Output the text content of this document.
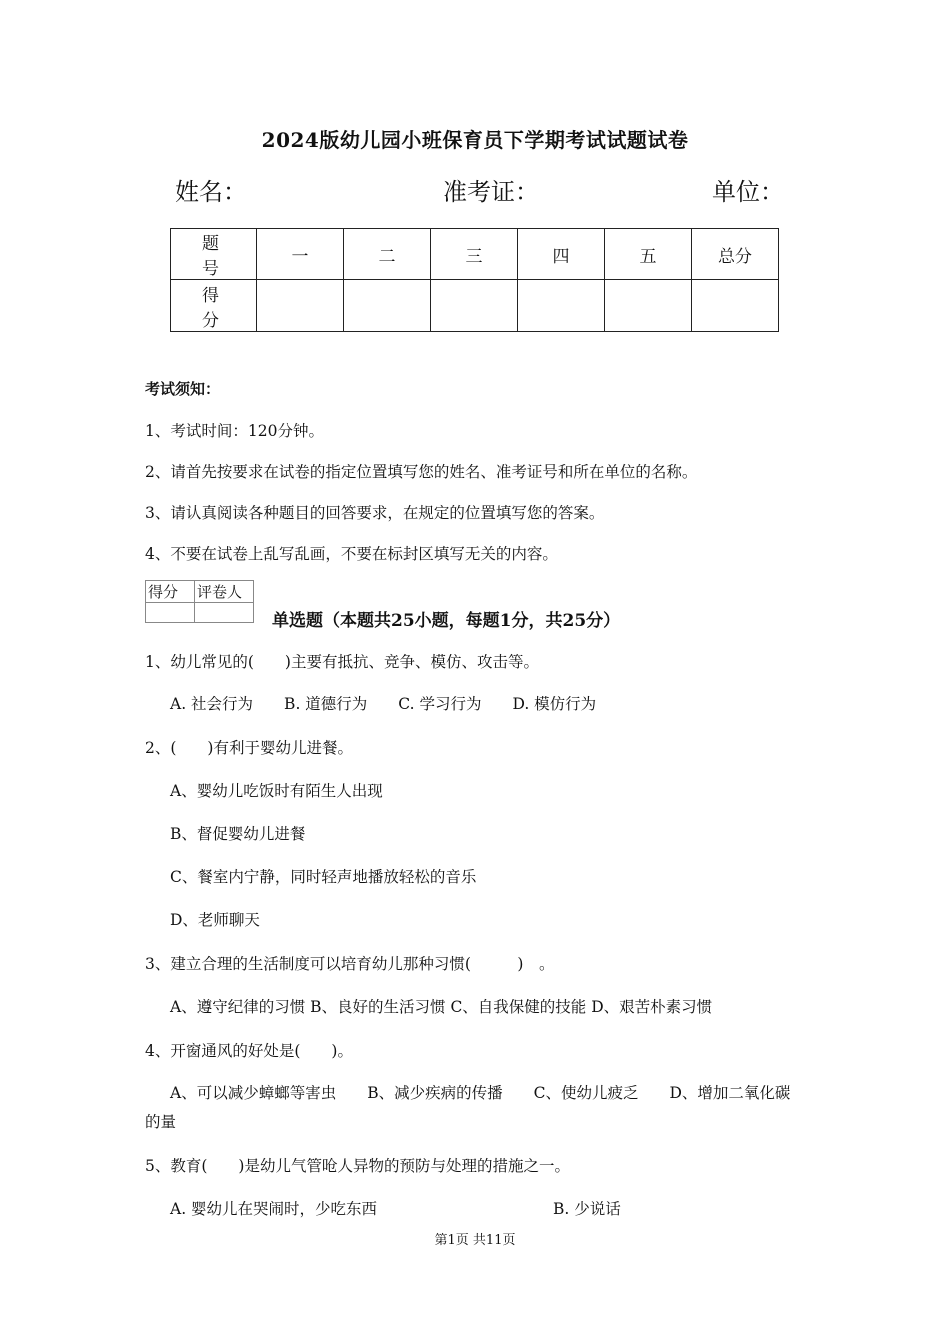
2024版幼儿园小班保育员下学期考试试题试卷
姓名：	准考证：	单位：
题　号	一	二	三	四	五	总分
得　分						
考试须知：
1、考试时间：120分钟。
2、请首先按要求在试卷的指定位置填写您的姓名、准考证号和所在单位的名称。
3、请认真阅读各种题目的回答要求，在规定的位置填写您的答案。
4、不要在试卷上乱写乱画，不要在标封区填写无关的内容。
得分	评卷人

单选题（本题共25小题，每题1分，共25分）
1、幼儿常见的(　　)主要有抵抗、竞争、模仿、攻击等。
A. 社会行为　　B. 道德行为　　C. 学习行为　　D. 模仿行为
2、(　　)有利于婴幼儿进餐。
A、婴幼儿吃饭时有陌生人出现
B、督促婴幼儿进餐
C、餐室内宁静，同时轻声地播放轻松的音乐
D、老师聊天
3、建立合理的生活制度可以培育幼儿那种习惯(　　　)　。
A、遵守纪律的习惯 B、良好的生活习惯 C、自我保健的技能 D、艰苦朴素习惯
4、开窗通风的好处是(　　)。
A、可以减少蟑螂等害虫　　B、减少疾病的传播　　C、使幼儿疲乏　　D、增加二氧化碳
的量
5、教育(　　)是幼儿气管呛人异物的预防与处理的措施之一。
A. 婴幼儿在哭闹时，少吃东西	B. 少说话
第1页 共11页
